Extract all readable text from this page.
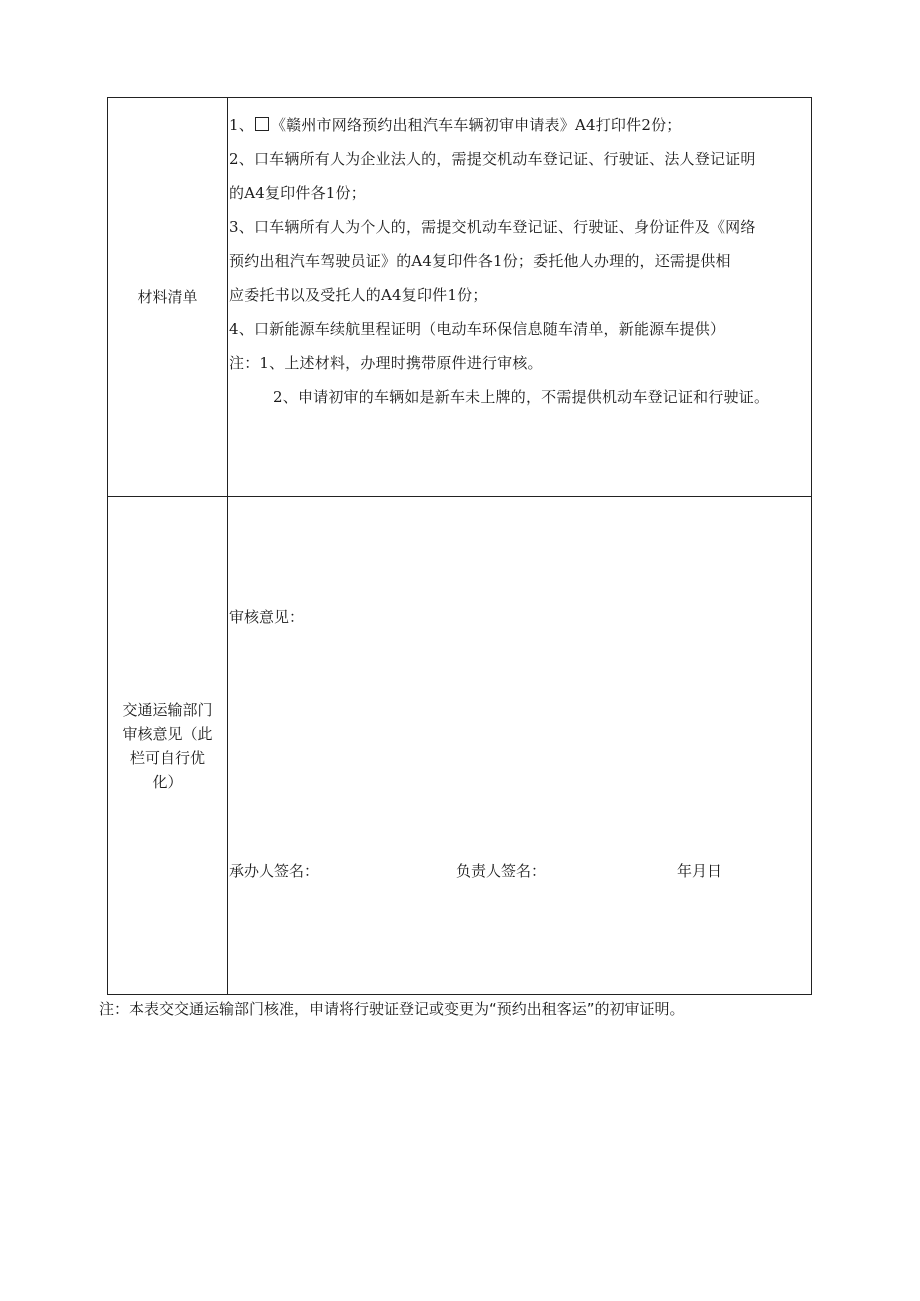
材料清单
1、 《赣州市网络预约出租汽车车辆初审申请表》A4打印件2份；
2、口车辆所有人为企业法人的，需提交机动车登记证、行驶证、法人登记证明
的A4复印件各1份；
3、口车辆所有人为个人的，需提交机动车登记证、行驶证、身份证件及《网络
预约出租汽车驾驶员证》的A4复印件各1份；委托他人办理的，还需提供相
应委托书以及受托人的A4复印件1份；
4、口新能源车续航里程证明（电动车环保信息随车清单，新能源车提供）
注：1、上述材料，办理时携带原件进行审核。
2、申请初审的车辆如是新车未上牌的，不需提供机动车登记证和行驶证。
交通运输部门审核意见（此栏可自行优化）
审核意见：
承办人签名：	负责人签名：	年月日
注：本表交交通运输部门核准，申请将行驶证登记或变更为“预约出租客运”的初审证明。
